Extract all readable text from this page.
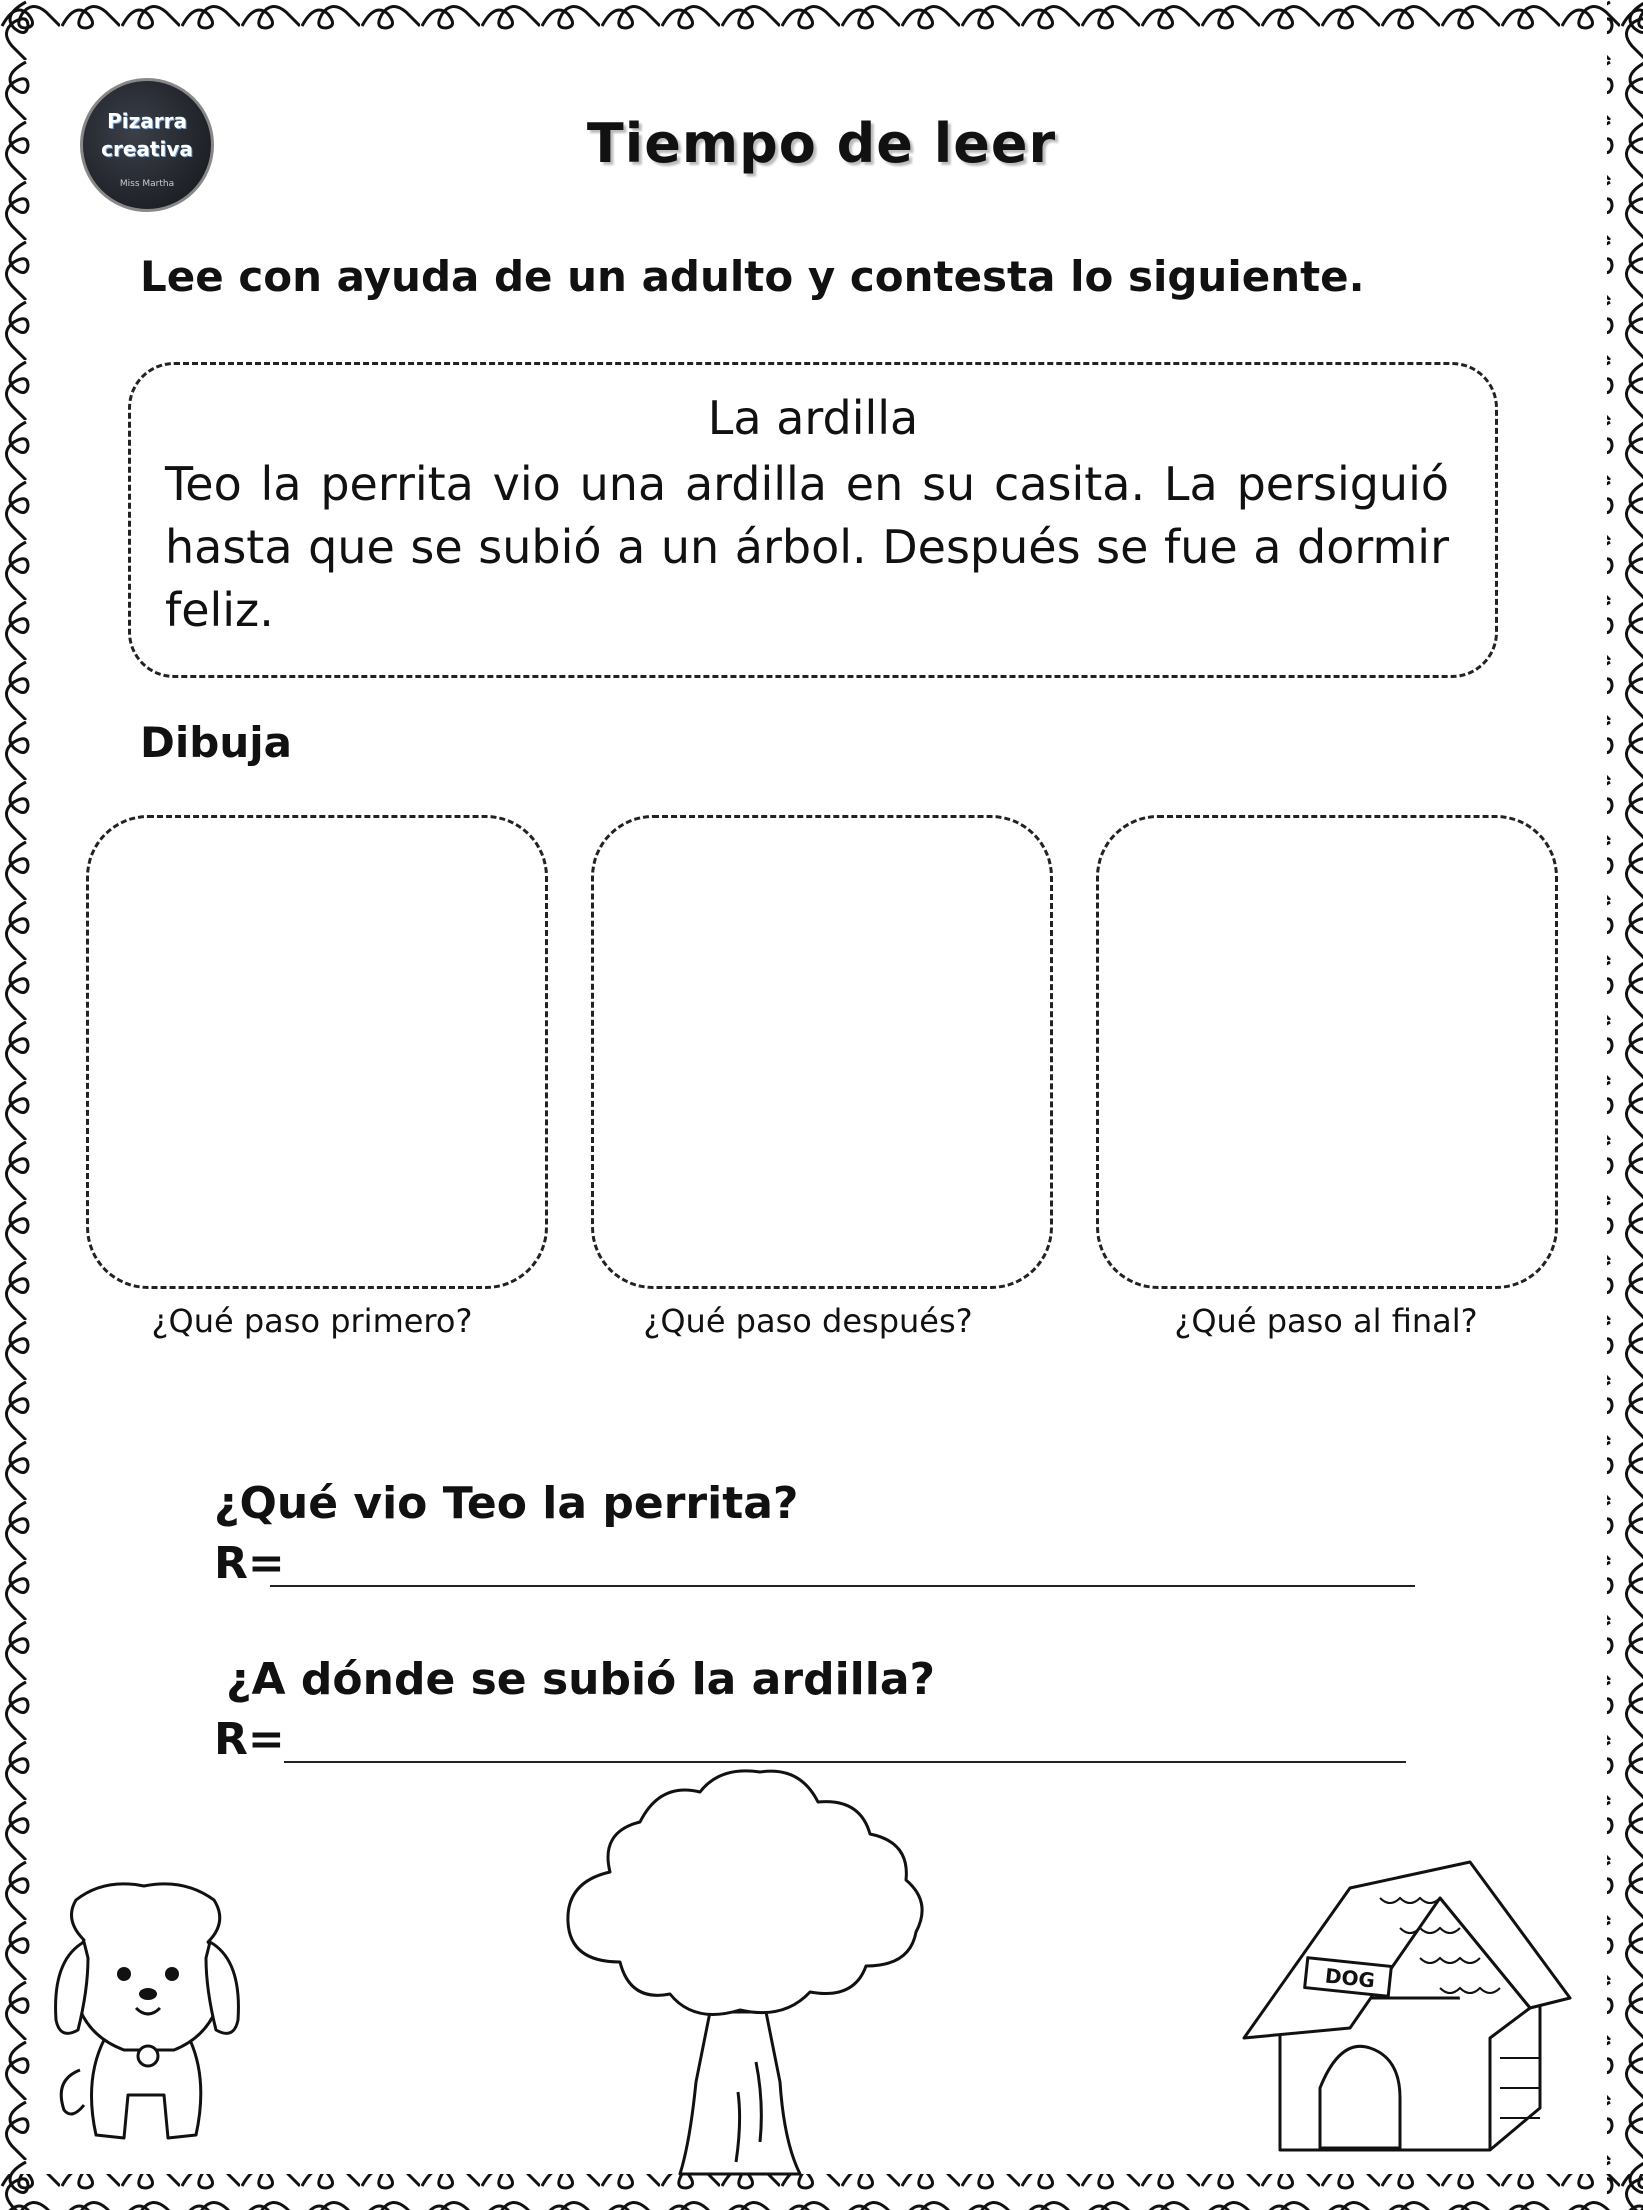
Pizarra
creativa
Miss Martha
Tiempo de leer
Lee con ayuda de un adulto y contesta lo siguiente.
La ardilla
Teo la perrita vio una ardilla en su casita. La persiguió hasta que se subió a un árbol. Después se fue a dormir feliz.
Dibuja
¿Qué paso primero?	¿Qué paso después?	¿Qué paso al final?
¿Qué vio Teo la perrita?
R=
¿A dónde se subió la ardilla?
R=
DOG
